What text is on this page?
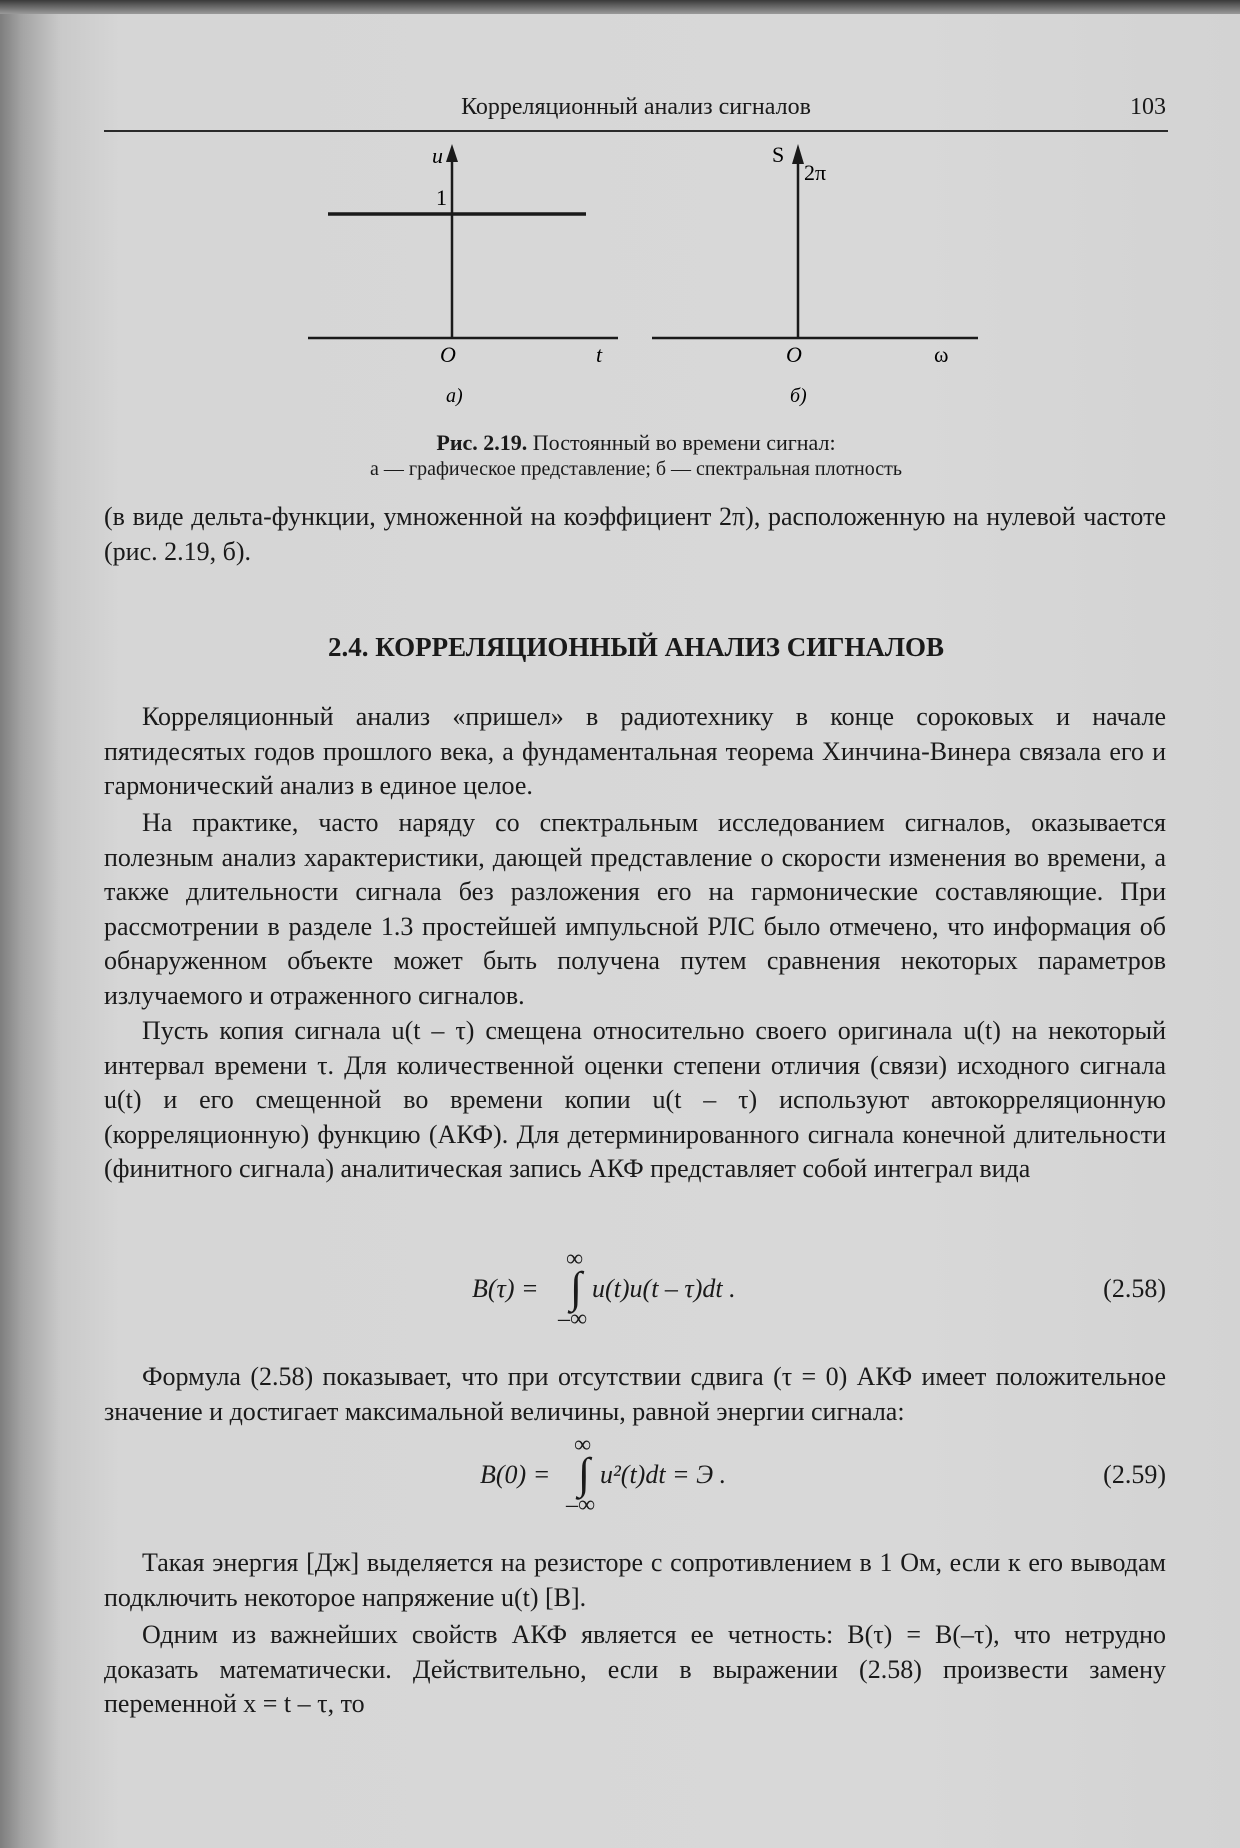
Корреляционный анализ сигналов	103
u
1
O	t
а)
S
2π
O	ω
б)
Рис. 2.19. Постоянный во времени сигнал:
а — графическое представление; б — спектральная плотность
(в виде дельта-функции, умноженной на коэффициент 2π), расположенную на нулевой частоте (рис. 2.19, б).
2.4. КОРРЕЛЯЦИОННЫЙ АНАЛИЗ СИГНАЛОВ
Корреляционный анализ «пришел» в радиотехнику в конце сороковых и начале пятидесятых годов прошлого века, а фундаментальная теорема Хинчина-Винера связала его и гармонический анализ в единое целое.
На практике, часто наряду со спектральным исследованием сигналов, оказывается полезным анализ характеристики, дающей представление о скорости изменения во времени, а также длительности сигнала без разложения его на гармонические составляющие. При рассмотрении в разделе 1.3 простейшей импульсной РЛС было отмечено, что информация об обнаруженном объекте может быть получена путем сравнения некоторых параметров излучаемого и отраженного сигналов.
Пусть копия сигнала u(t – τ) смещена относительно своего оригинала u(t) на некоторый интервал времени τ. Для количественной оценки степени отличия (связи) исходного сигнала u(t) и его смещенной во времени копии u(t – τ) используют автокорреляционную (корреляционную) функцию (АКФ). Для детерминированного сигнала конечной длительности (финитного сигнала) аналитическая запись АКФ представляет собой интеграл вида
∞
B(τ) = ∫ u(t)u(t – τ)dt .
–∞
(2.58)
Формула (2.58) показывает, что при отсутствии сдвига (τ = 0) АКФ имеет положительное значение и достигает максимальной величины, равной энергии сигнала:
∞
B(0) = ∫ u²(t)dt = Э .
–∞
(2.59)
Такая энергия [Дж] выделяется на резисторе с сопротивлением в 1 Ом, если к его выводам подключить некоторое напряжение u(t) [В].
Одним из важнейших свойств АКФ является ее четность: B(τ) = B(–τ), что нетрудно доказать математически. Действительно, если в выражении (2.58) произвести замену переменной x = t – τ, то
